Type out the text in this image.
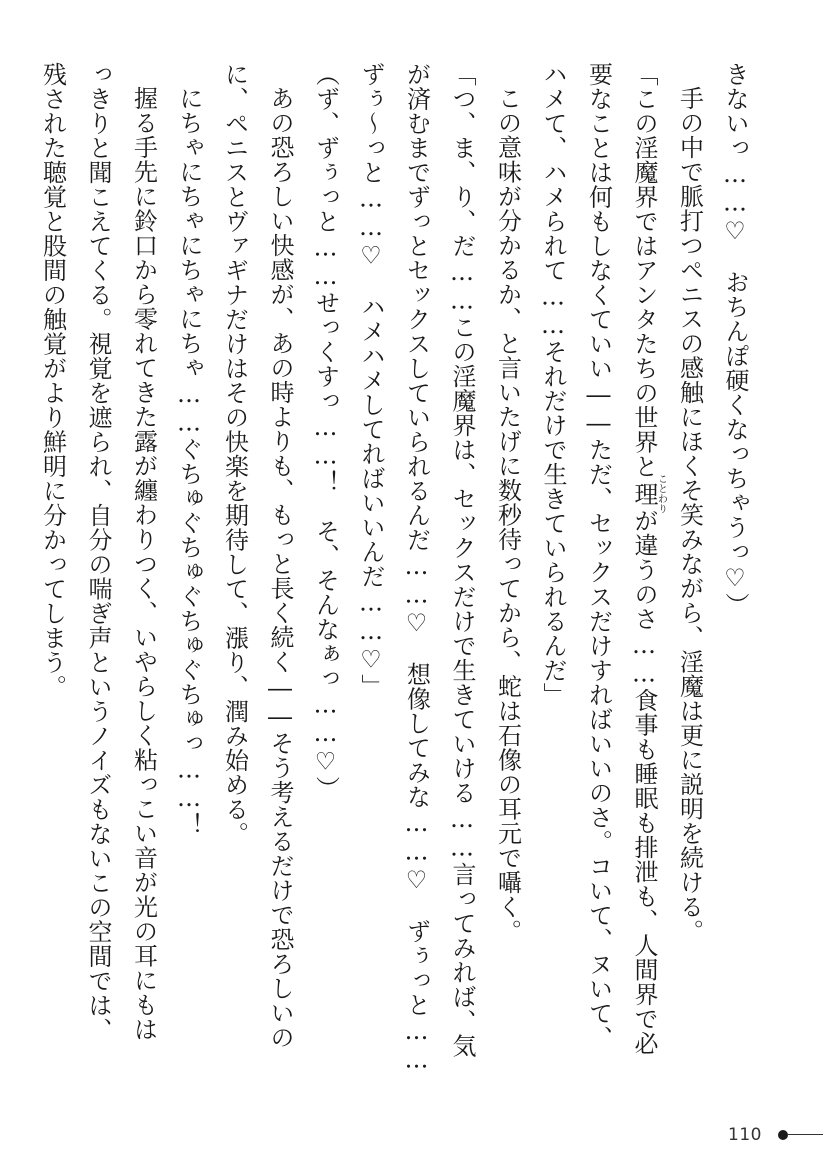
きないっ……♡　おちんぽ硬くなっちゃうっ♡）
手の中で脈打つペニスの感触にほくそ笑みながら、淫魔は更に説明を続ける。
「この淫魔界ではアンタたちの世界と理ことわりが違うのさ……食事も睡眠も排泄も、人間界で必
要なことは何もしなくていい――ただ、セックスだけすればいいのさ。コいて、ヌいて、
ハメて、ハメられて……それだけで生きていられるんだ」
この意味が分かるか、と言いたげに数秒待ってから、蛇は石像の耳元で囁く。
「つ、ま、り、だ……この淫魔界は、セックスだけで生きていける……言ってみれば、気
が済むまでずっとセックスしていられるんだ……♡　想像してみな……♡　ずぅっと……
ずぅ～っと……♡　ハメハメしてればいいんだ……♡」
（ず、ずぅっと……せっくすっ……！　そ、そんなぁっ……♡）
あの恐ろしい快感が、あの時よりも、もっと長く続く――そう考えるだけで恐ろしいの
に、ペニスとヴァギナだけはその快楽を期待して、漲り、潤み始める。
にちゃにちゃにちゃにちゃ……ぐちゅぐちゅぐちゅぐちゅっ……！
握る手先に鈴口から零れてきた露が纏わりつく、いやらしく粘っこい音が光の耳にもは
っきりと聞こえてくる。視覚を遮られ、自分の喘ぎ声というノイズもないこの空間では、
残された聴覚と股間の触覚がより鮮明に分かってしまう。
110
